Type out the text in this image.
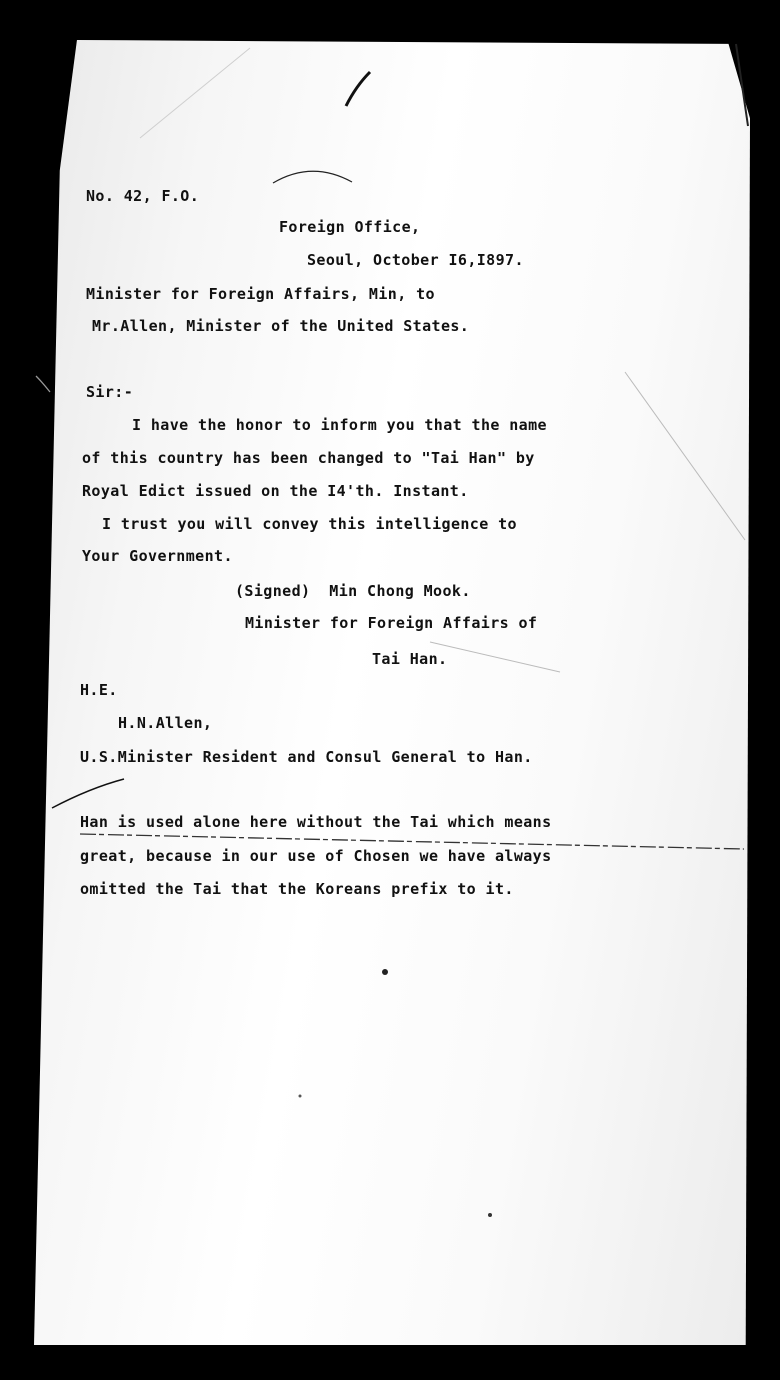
No. 42, F.O.

Foreign Office,

Seoul, October I6,I897.

Minister for Foreign Affairs, Min, to

Mr.Allen, Minister of the United States.

Sir:-

I have the honor to inform you that the name

of this country has been changed to "Tai Han" by

Royal Edict issued on the I4'th. Instant.

I trust you will convey this intelligence to

Your Government.

(Signed)  Min Chong Mook.

Minister for Foreign Affairs of

Tai Han.

H.E.

H.N.Allen,

U.S.Minister Resident and Consul General to Han.

Han is used alone here without the Tai which means

great, because in our use of Chosen we have always

omitted the Tai that the Koreans prefix to it.
